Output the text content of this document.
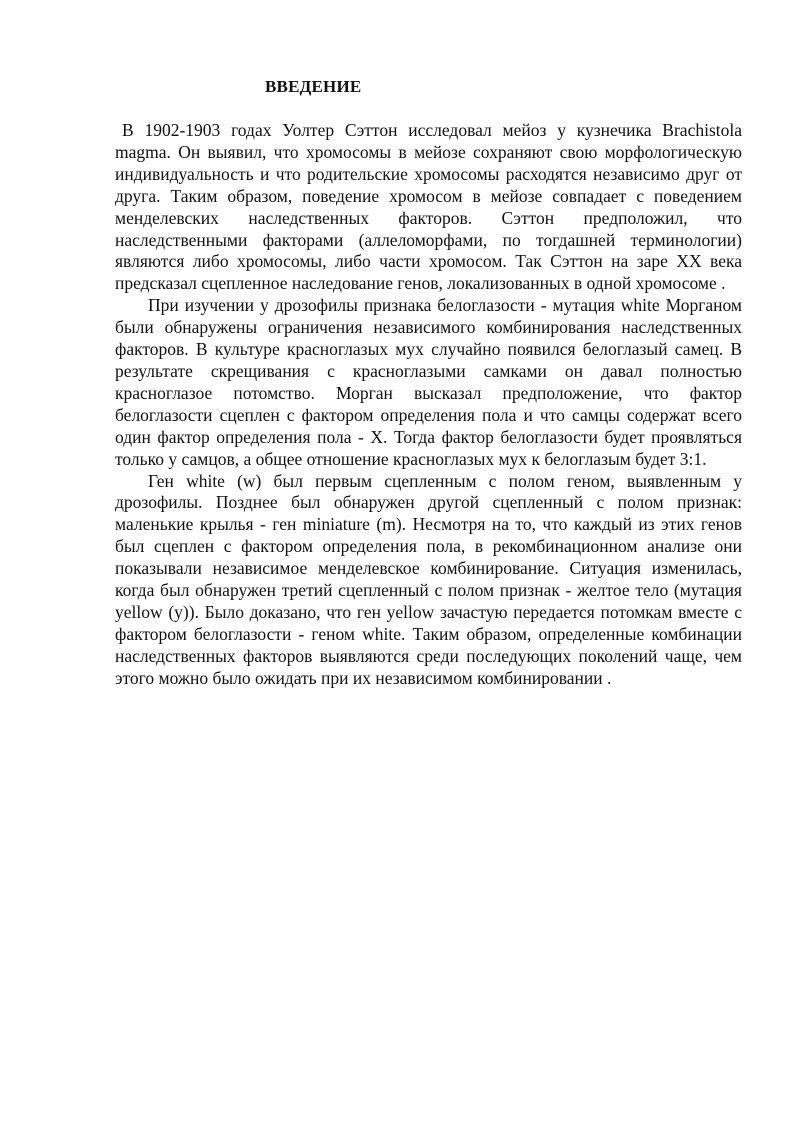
ВВЕДЕНИЕ

В 1902-1903 годах Уолтер Сэттон исследовал мейоз у кузнечика Brachistola magma. Он выявил, что хромосомы в мейозе сохраняют свою морфологическую индивидуальность и что родительские хромосомы расходятся независимо друг от друга. Таким образом, поведение хромосом в мейозе совпадает с поведением менделевских наследственных факторов. Сэттон предположил, что наследственными факторами (аллеломорфами, по тогдашней терминологии) являются либо хромосомы, либо части хромосом. Так Сэттон на заре XX века предсказал сцепленное наследование генов, локализованных в одной хромосоме .

При изучении у дрозофилы признака белоглазости - мутация white Морганом были обнаружены ограничения независимого комбинирования наследственных факторов. В культуре красноглазых мух случайно появился белоглазый самец. В результате скрещивания с красноглазыми самками он давал полностью красноглазое потомство. Морган высказал предположение, что фактор белоглазости сцеплен с фактором определения пола и что самцы содержат всего один фактор определения пола - X. Тогда фактор белоглазости будет проявляться только у самцов, а общее отношение красноглазых мух к белоглазым будет 3:1.

Ген white (w) был первым сцепленным с полом геном, выявленным у дрозофилы. Позднее был обнаружен другой сцепленный с полом признак: маленькие крылья - ген miniature (m). Несмотря на то, что каждый из этих генов был сцеплен с фактором определения пола, в рекомбинационном анализе они показывали независимое менделевское комбинирование. Ситуация изменилась, когда был обнаружен третий сцепленный с полом признак - желтое тело (мутация yellow (y)). Было доказано, что ген yellow зачастую передается потомкам вместе с фактором белоглазости - геном white. Таким образом, определенные комбинации наследственных факторов выявляются среди последующих поколений чаще, чем этого можно было ожидать при их независимом комбинировании .
